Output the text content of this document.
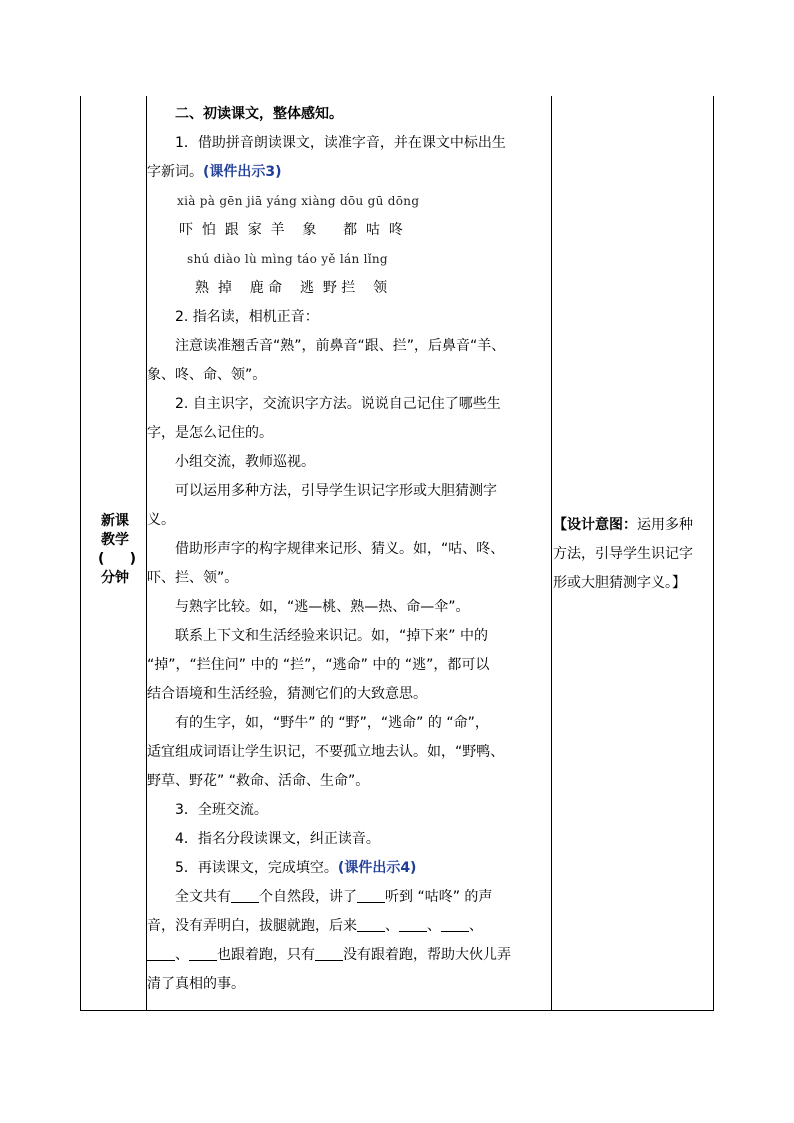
新课
教学
( )
分钟
二、初读课文，整体感知。
1．借助拼音朗读课文，读准字音，并在课文中标出生
字新词。(课件出示3)
xià pà gēn jiā yáng xiàng dōu gū dōng
吓  怕  跟  家  羊    象      都  咕  咚
shú diào lù mìng táo yě lán lǐng
熟  掉    鹿 命    逃  野 拦    领
2. 指名读，相机正音：
注意读准翘舌音“熟”，前鼻音“跟、拦”，后鼻音“羊、
象、咚、命、领”。
2. 自主识字，交流识字方法。说说自己记住了哪些生
字，是怎么记住的。
小组交流，教师巡视。
可以运用多种方法，引导学生识记字形或大胆猜测字
义。
借助形声字的构字规律来记形、猜义。如，“咕、咚、
吓、拦、领”。
与熟字比较。如，“逃—桃、熟—热、命—伞”。
联系上下文和生活经验来识记。如，“掉下来” 中的
“掉”，“拦住问” 中的 “拦”，“逃命” 中的 “逃”，都可以
结合语境和生活经验，猜测它们的大致意思。
有的生字，如，“野牛” 的 “野”，“逃命” 的 “命”，
适宜组成词语让学生识记，不要孤立地去认。如，“野鸭、
野草、野花” “救命、活命、生命”。
3．全班交流。
4．指名分段读课文，纠正读音。
5．再读课文，完成填空。(课件出示4)
全文共有 个自然段，讲了 听到 “咕咚” 的声
音，没有弄明白，拔腿就跑，后来 、 、 、
、 也跟着跑，只有 没有跟着跑，帮助大伙儿弄
清了真相的事。
【设计意图：运用多种
方法，引导学生识记字
形或大胆猜测字义。】
